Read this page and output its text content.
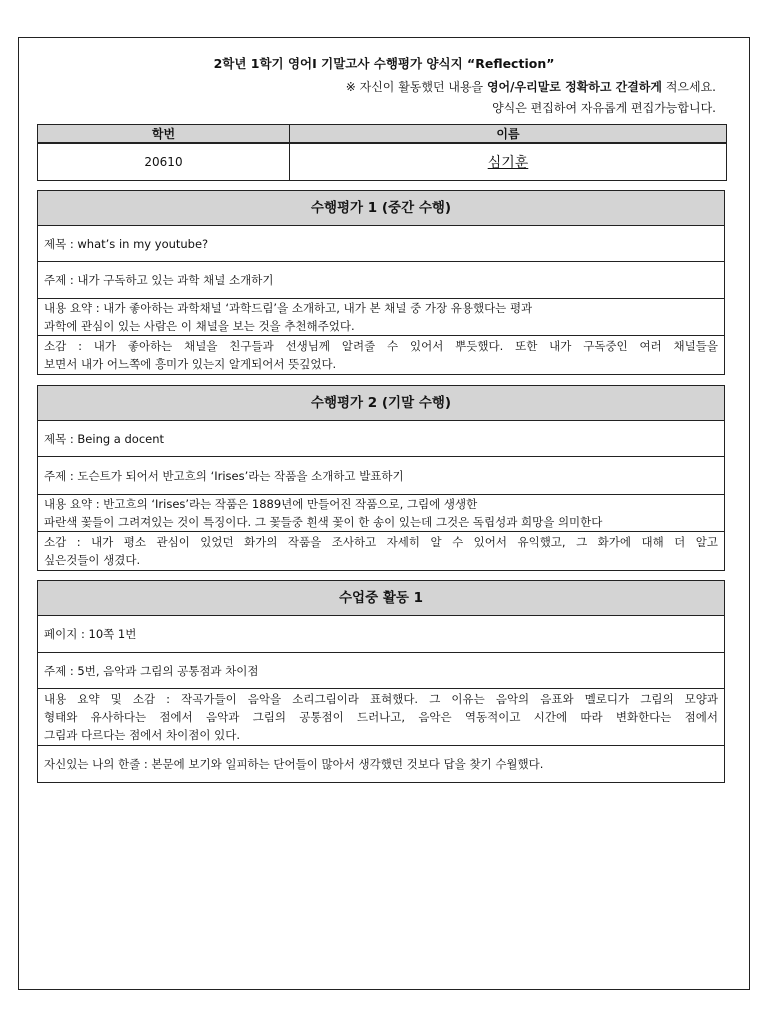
2학년 1학기 영어I 기말고사 수행평가 양식지 “Reflection”
※ 자신이 활동했던 내용을 영어/우리말로 정확하고 간결하게 적으세요.
양식은 편집하여 자유롭게 편집가능합니다.
학번	이름
20610	심기훈
수행평가 1 (중간 수행)
제목 : what’s in my youtube?
주제 : 내가 구독하고 있는 과학 채널 소개하기
내용 요약 : 내가 좋아하는 과학채널 ‘과학드림’을 소개하고, 내가 본 채널 중 가장 유용했다는 평과
과학에 관심이 있는 사람은 이 채널을 보는 것을 추천해주었다.
소감 : 내가 좋아하는 채널을 친구들과 선생님께 알려줄 수 있어서 뿌듯했다. 또한 내가 구독중인 여러 채널들을
보면서 내가 어느쪽에 흥미가 있는지 알게되어서 뜻깊었다.
수행평가 2 (기말 수행)
제목 : Being a docent
주제 : 도슨트가 되어서 반고흐의 ‘Irises’라는 작품을 소개하고 발표하기
내용 요약 : 반고흐의 ‘Irises’라는 작품은 1889년에 만들어진 작품으로, 그림에 생생한
파란색 꽃들이 그려져있는 것이 특징이다. 그 꽃들중 흰색 꽃이 한 송이 있는데 그것은 독립성과 희망을 의미한다
소감 : 내가 평소 관심이 있었던 화가의 작품을 조사하고 자세히 알 수 있어서 유익했고, 그 화가에 대해 더 알고
싶은것들이 생겼다.
수업중 활동 1
페이지 : 10쪽 1번
주제 : 5번, 음악과 그림의 공통점과 차이점
내용 요약 및 소감 : 작곡가들이 음악을 소리그림이라 표혀했다. 그 이유는 음악의 음표와 멜로디가 그림의 모양과
형태와 유사하다는 점에서 음악과 그림의 공통점이 드러나고, 음악은 역동적이고 시간에 따라 변화한다는 점에서
그림과 다르다는 점에서 차이점이 있다.
자신있는 나의 한줄 : 본문에 보기와 일피하는 단어들이 많아서 생각했던 것보다 답을 찾기 수월했다.
